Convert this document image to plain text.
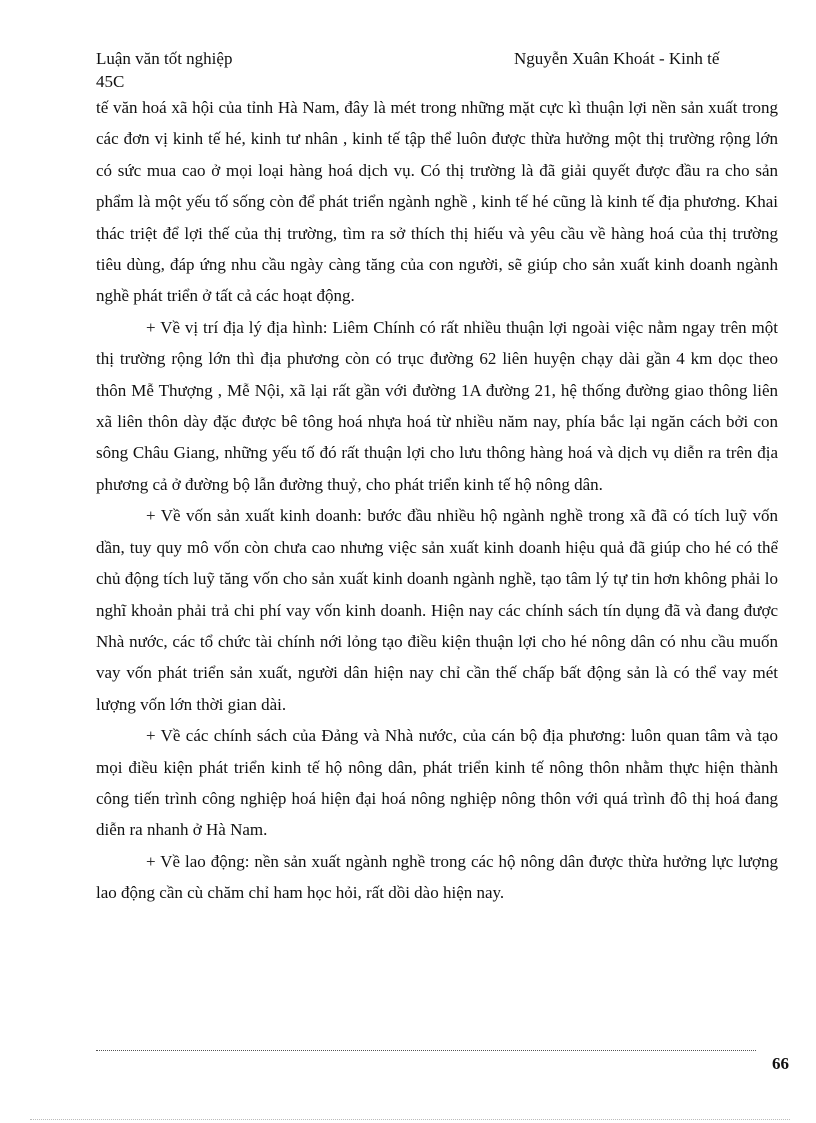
Luận văn tốt nghiệp	Nguyễn Xuân Khoát - Kinh tế
45C

tế văn hoá xã hội của tỉnh Hà Nam, đây là mét trong những mặt cực kì thuận lợi nền sản xuất trong các đơn vị kinh tế hé, kinh tư nhân , kinh tế tập thể luôn được thừa hưởng một thị trường rộng lớn có sức mua cao ở mọi loại hàng hoá dịch vụ. Có thị trường là đã giải quyết được đầu ra cho sản phẩm là một yếu tố sống còn để phát triển ngành nghề , kinh tế hé cũng là kinh tế địa phương. Khai thác triệt để lợi thế của thị trường, tìm ra sở thích thị hiếu và yêu cầu về hàng hoá của thị trường tiêu dùng, đáp ứng nhu cầu ngày càng tăng của con người, sẽ giúp cho sản xuất kinh doanh ngành nghề phát triển ở tất cả các hoạt động.

+ Về vị trí địa lý địa hình: Liêm Chính có rất nhiều thuận lợi ngoài việc nằm ngay trên một thị trường rộng lớn thì địa phương còn có trục đường 62 liên huyện chạy dài gần 4 km dọc theo thôn Mễ Thượng , Mễ Nội, xã lại rất gần với đường 1A đường 21, hệ thống đường giao thông liên xã liên thôn dày đặc được bê tông hoá nhựa hoá từ nhiều năm nay, phía bắc lại ngăn cách bởi con sông Châu Giang, những yếu tố đó rất thuận lợi cho lưu thông hàng hoá và dịch vụ diễn ra trên địa phương cả ở đường bộ lẫn đường thuỷ, cho phát triển kinh tế hộ nông dân.

+ Về vốn sản xuất kinh doanh: bước đầu nhiều hộ ngành nghề trong xã đã có tích luỹ vốn dần, tuy quy mô vốn còn chưa cao nhưng việc sản xuất kinh doanh hiệu quả đã giúp cho hé có thể chủ động tích luỹ tăng vốn cho sản xuất kinh doanh ngành nghề, tạo tâm lý tự tin hơn không phải lo nghĩ khoản phải trả chi phí vay vốn kinh doanh. Hiện nay các chính sách tín dụng đã và đang được Nhà nước, các tổ chức tài chính nới lỏng tạo điều kiện thuận lợi cho hé nông dân có nhu cầu muốn vay vốn phát triển sản xuất, người dân hiện nay chỉ cần thế chấp bất động sản là có thể vay mét lượng vốn lớn thời gian dài.

+ Về các chính sách của Đảng và Nhà nước, của cán bộ địa phương: luôn quan tâm và tạo mọi điều kiện phát triển kinh tế hộ nông dân, phát triển kinh tế nông thôn nhằm thực hiện thành công tiến trình công nghiệp hoá hiện đại hoá nông nghiệp nông thôn với quá trình đô thị hoá đang diễn ra nhanh ở Hà Nam.

+ Về lao động: nền sản xuất ngành nghề trong các hộ nông dân được thừa hưởng lực lượng lao động cần cù chăm chỉ ham học hỏi, rất dồi dào hiện nay.

66
